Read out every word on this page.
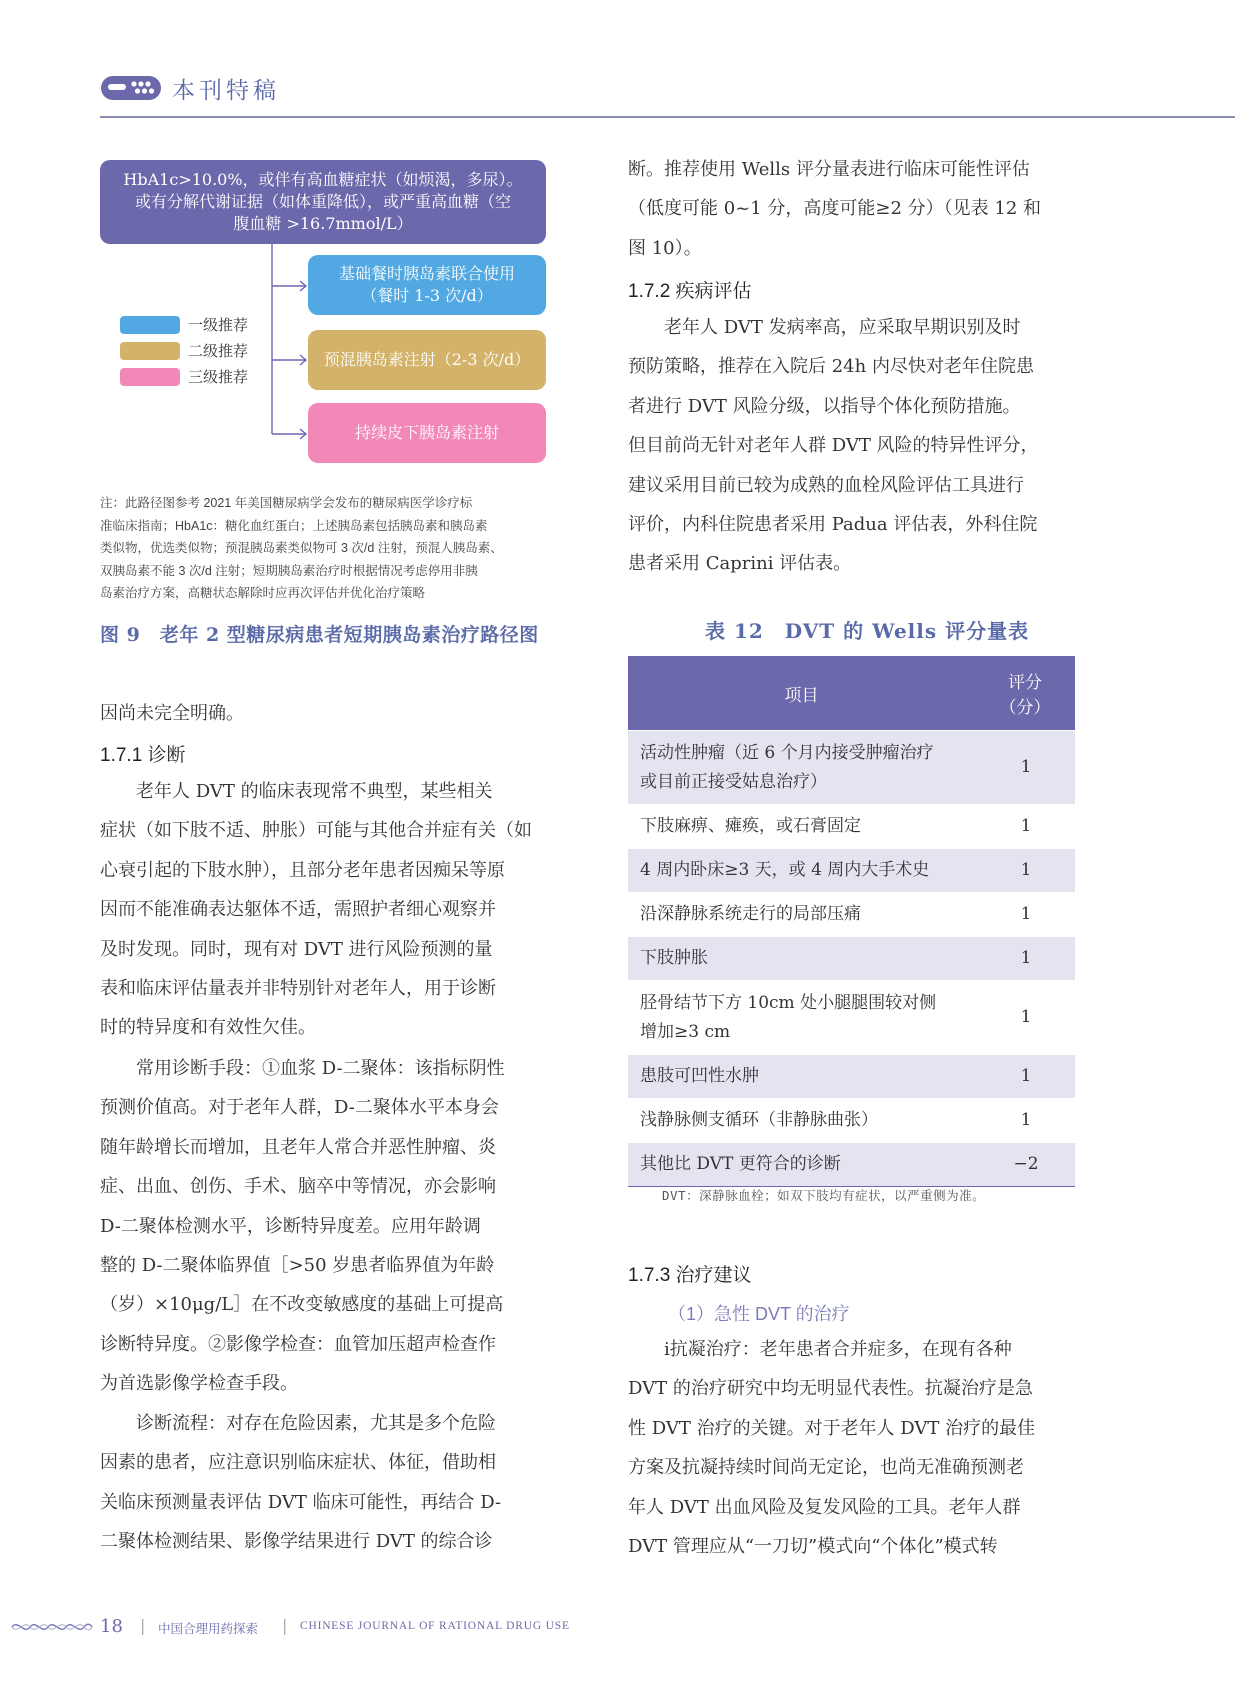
本刊特稿
HbA1c>10.0%，或伴有高血糖症状（如烦渴，多尿）。
或有分解代谢证据（如体重降低），或严重高血糖（空
腹血糖 >16.7mmol/L）
基础餐时胰岛素联合使用
（餐时 1-3 次/d）
预混胰岛素注射（2-3 次/d）
持续皮下胰岛素注射
一级推荐
二级推荐
三级推荐
注：此路径图参考 2021 年美国糖尿病学会发布的糖尿病医学诊疗标
准临床指南；HbA1c：糖化血红蛋白；上述胰岛素包括胰岛素和胰岛素
类似物，优选类似物；预混胰岛素类似物可 3 次/d 注射，预混人胰岛素、
双胰岛素不能 3 次/d 注射；短期胰岛素治疗时根据情况考虑停用非胰
岛素治疗方案，高糖状态解除时应再次评估并优化治疗策略
图 9　老年 2 型糖尿病患者短期胰岛素治疗路径图
因尚未完全明确。
1.7.1 诊断
老年人 DVT 的临床表现常不典型，某些相关
症状（如下肢不适、肿胀）可能与其他合并症有关（如
心衰引起的下肢水肿），且部分老年患者因痴呆等原
因而不能准确表达躯体不适，需照护者细心观察并
及时发现。同时，现有对 DVT 进行风险预测的量
表和临床评估量表并非特别针对老年人，用于诊断
时的特异度和有效性欠佳。
常用诊断手段：①血浆 D-二聚体：该指标阴性
预测价值高。对于老年人群，D-二聚体水平本身会
随年龄增长而增加，且老年人常合并恶性肿瘤、炎
症、出血、创伤、手术、脑卒中等情况，亦会影响
D-二聚体检测水平，诊断特异度差。应用年龄调
整的 D-二聚体临界值［>50 岁患者临界值为年龄
（岁）×10μg/L］在不改变敏感度的基础上可提高
诊断特异度。②影像学检查：血管加压超声检查作
为首选影像学检查手段。
诊断流程：对存在危险因素，尤其是多个危险
因素的患者，应注意识别临床症状、体征，借助相
关临床预测量表评估 DVT 临床可能性，再结合 D-
二聚体检测结果、影像学结果进行 DVT 的综合诊
断。推荐使用 Wells 评分量表进行临床可能性评估
（低度可能 0~1 分，高度可能≥2 分）（见表 12 和
图 10）。
1.7.2 疾病评估
老年人 DVT 发病率高，应采取早期识别及时
预防策略，推荐在入院后 24h 内尽快对老年住院患
者进行 DVT 风险分级，以指导个体化预防措施。
但目前尚无针对老年人群 DVT 风险的特异性评分，
建议采用目前已较为成熟的血栓风险评估工具进行
评价，内科住院患者采用 Padua 评估表，外科住院
患者采用 Caprini 评估表。
表 12　DVT 的 Wells 评分量表
项目	评分
（分）

活动性肿瘤（近 6 个月内接受肿瘤治疗
或目前正接受姑息治疗）	1
下肢麻痹、瘫痪，或石膏固定	1
4 周内卧床≥3 天，或 4 周内大手术史	1
沿深静脉系统走行的局部压痛	1
下肢肿胀	1

胫骨结节下方 10cm 处小腿腿围较对侧
增加≥3 cm	1
患肢可凹性水肿	1
浅静脉侧支循环（非静脉曲张）	1
其他比 DVT 更符合的诊断	−2
DVT：深静脉血栓；如双下肢均有症状，以严重侧为准。
1.7.3 治疗建议
（1）急性 DVT 的治疗
ⅰ抗凝治疗：老年患者合并症多，在现有各种
DVT 的治疗研究中均无明显代表性。抗凝治疗是急
性 DVT 治疗的关键。对于老年人 DVT 治疗的最佳
方案及抗凝持续时间尚无定论，也尚无准确预测老
年人 DVT 出血风险及复发风险的工具。老年人群
DVT 管理应从“一刀切”模式向“个体化”模式转
18 | 中国合理用药探索 | CHINESE JOURNAL OF RATIONAL DRUG USE
